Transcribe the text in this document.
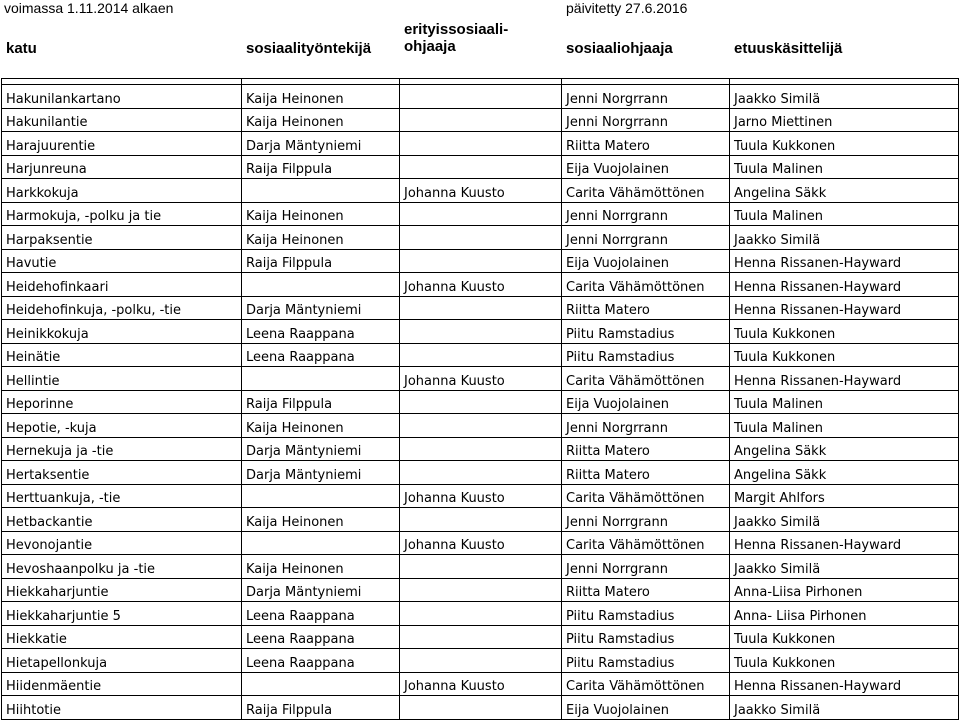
voimassa 1.11.2014 alkaen	päivitetty 27.6.2016
katu	sosiaalityöntekijä
erityissosiaali-
ohjaaja	sosiaaliohjaaja	etuuskäsittelijä

Hakunilankartano	Kaija Heinonen		Jenni Norgrrann	Jaakko Similä
Hakunilantie	Kaija Heinonen		Jenni Norgrrann	Jarno Miettinen
Harajuurentie	Darja Mäntyniemi		Riitta Matero	Tuula Kukkonen
Harjunreuna	Raija Filppula		Eija Vuojolainen	Tuula Malinen
Harkkokuja		Johanna Kuusto	Carita Vähämöttönen	Angelina Säkk
Harmokuja, -polku ja tie	Kaija Heinonen		Jenni Norrgrann	Tuula Malinen
Harpaksentie	Kaija Heinonen		Jenni Norrgrann	Jaakko Similä
Havutie	Raija Filppula		Eija Vuojolainen	Henna Rissanen-Hayward
Heidehofinkaari		Johanna Kuusto	Carita Vähämöttönen	Henna Rissanen-Hayward
Heidehofinkuja, -polku, -tie	Darja Mäntyniemi		Riitta Matero	Henna Rissanen-Hayward
Heinikkokuja	Leena Raappana		Piitu Ramstadius	Tuula Kukkonen
Heinätie	Leena Raappana		Piitu Ramstadius	Tuula Kukkonen
Hellintie		Johanna Kuusto	Carita Vähämöttönen	Henna Rissanen-Hayward
Heporinne	Raija Filppula		Eija Vuojolainen	Tuula Malinen
Hepotie, -kuja	Kaija Heinonen		Jenni Norgrrann	Tuula Malinen
Hernekuja ja -tie	Darja Mäntyniemi		Riitta Matero	Angelina Säkk
Hertaksentie	Darja Mäntyniemi		Riitta Matero	Angelina Säkk
Herttuankuja, -tie		Johanna Kuusto	Carita Vähämöttönen	Margit Ahlfors
Hetbackantie	Kaija Heinonen		Jenni Norrgrann	Jaakko Similä
Hevonojantie		Johanna Kuusto	Carita Vähämöttönen	Henna Rissanen-Hayward
Hevoshaanpolku ja -tie	Kaija Heinonen		Jenni Norrgrann	Jaakko Similä
Hiekkaharjuntie	Darja Mäntyniemi		Riitta Matero	Anna-Liisa Pirhonen
Hiekkaharjuntie 5	Leena Raappana		Piitu Ramstadius	Anna- Liisa Pirhonen
Hiekkatie	Leena Raappana		Piitu Ramstadius	Tuula Kukkonen
Hietapellonkuja	Leena Raappana		Piitu Ramstadius	Tuula Kukkonen
Hiidenmäentie		Johanna Kuusto	Carita Vähämöttönen	Henna Rissanen-Hayward
Hiihtotie	Raija Filppula		Eija Vuojolainen	Jaakko Similä
